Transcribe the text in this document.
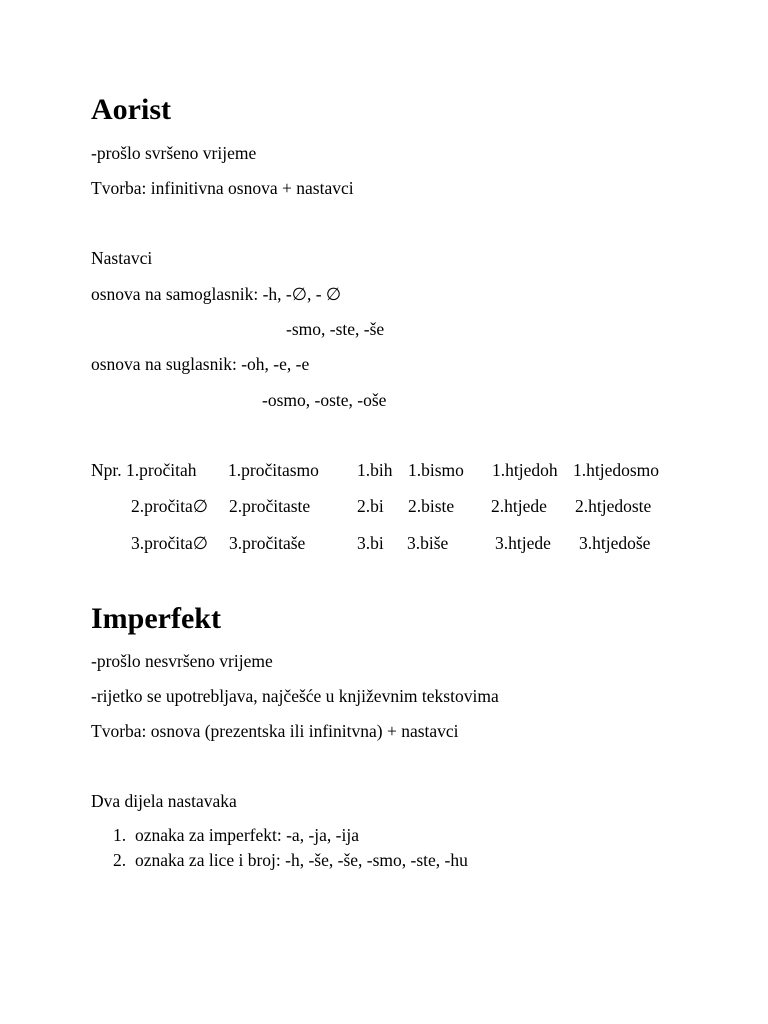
Aorist
-prošlo svršeno vrijeme
Tvorba: infinitivna osnova + nastavci
Nastavci
osnova na samoglasnik: -h, -∅, - ∅
-smo, -ste, -še
osnova na suglasnik: -oh, -e, -e
-osmo, -oste, -oše
Npr. 1.pročitah 1.pročitasmo 1.bih 1.bismo 1.htjedoh 1.htjedosmo
2.pročita∅ 2.pročitaste	2.bi 2.biste 2.htjede 2.htjedoste
3.pročita∅ 3.pročitaše	3.bi 3.biše	3.htjede 3.htjedoše
Imperfekt
-prošlo nesvršeno vrijeme
-rijetko se upotrebljava, najčešće u književnim tekstovima
Tvorba: osnova (prezentska ili infinitvna) + nastavci
Dva dijela nastavaka
1. oznaka za imperfekt: -a, -ja, -ija
2. oznaka za lice i broj: -h, -še, -še, -smo, -ste, -hu
